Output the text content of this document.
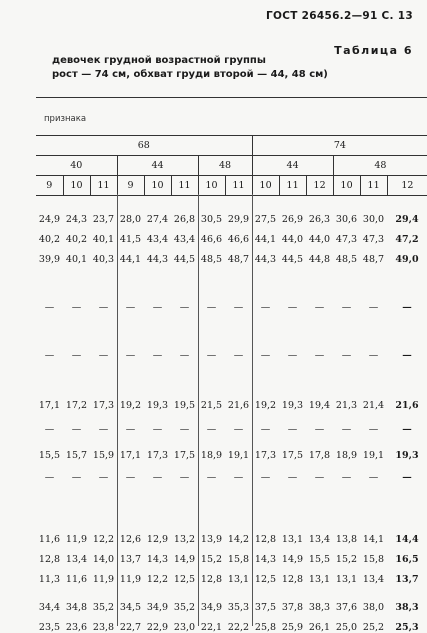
ГОСТ 26456.2—91 С. 13
Таблица 6
девочек грудной возрастной группы
рост — 74 см, обхват груди второй — 44, 48 см)
признака
68								74					
40			44			48		44			48		
9	10	11	9	10	11	10	11	10	11	12	10	11	12
24,9 24,3 23,7 28,0 27,4 26,8 30,5 29,9 27,5 26,9 26,3 30,6 30,0	29,4
40,2 40,2 40,1 41,5 43,4 43,4 46,6 46,6 44,1 44,0 44,0 47,3 47,3	47,2
39,9 40,1 40,3 44,1 44,3 44,5 48,5 48,7 44,3 44,5 44,8 48,5 48,7	49,0
—	—	—	—	—	—	—	—	—	—	—	—	—	—
—	—	—	—	—	—	—	—	—	—	—	—	—	—
17,1 17,2 17,3 19,2 19,3 19,5 21,5 21,6 19,2 19,3 19,4 21,3 21,4	21,6
—	—	—	—	—	—	—	—	—	—	—	—	—	—
15,5 15,7 15,9 17,1 17,3 17,5 18,9 19,1 17,3 17,5 17,8 18,9 19,1	19,3
—	—	—	—	—	—	—	—	—	—	—	—	—	—
11,6 11,9 12,2 12,6 12,9 13,2 13,9 14,2 12,8 13,1 13,4 13,8 14,1	14,4
12,8 13,4 14,0 13,7 14,3 14,9 15,2 15,8 14,3 14,9 15,5 15,2 15,8	16,5
11,3 11,6 11,9 11,9 12,2 12,5 12,8 13,1 12,5 12,8 13,1 13,1 13,4	13,7
34,4 34,8 35,2 34,5 34,9 35,2 34,9 35,3 37,5 37,8 38,3 37,6 38,0	38,3
23,5 23,6 23,8 22,7 22,9 23,0 22,1 22,2 25,8 25,9 26,1 25,0 25,2	25,3
